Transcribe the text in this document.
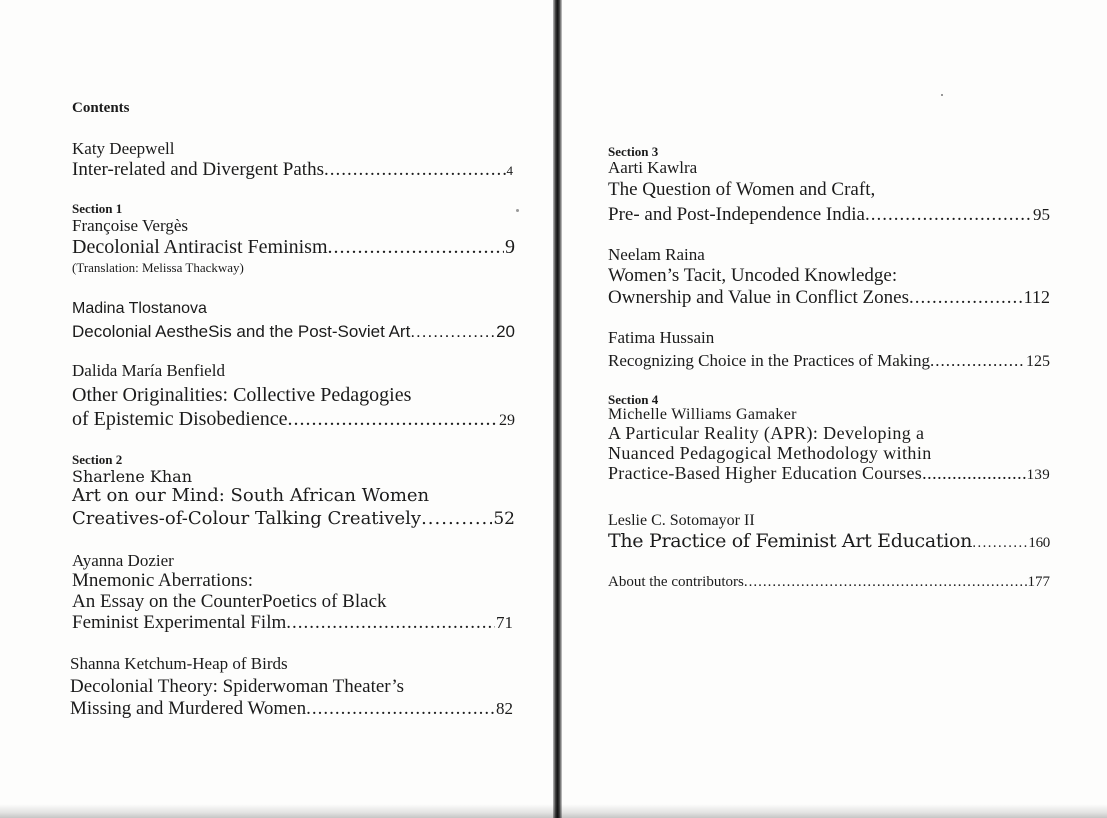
Contents
Katy Deepwell
Inter-related and Divergent Paths .....	4
Section 1
Françoise Vergès
Decolonial Antiracist Feminism .....	9
(Translation: Melissa Thackway)
Madina Tlostanova
Decolonial AestheSis and the Post-Soviet Art .....	20
Dalida María Benfield
Other Originalities: Collective Pedagogies
of Epistemic Disobedience .....	29
Section 2
Sharlene Khan
Art on our Mind: South African Women
Creatives-of-Colour Talking Creatively .....	52
Ayanna Dozier
Mnemonic Aberrations:
An Essay on the CounterPoetics of Black
Feminist Experimental Film .....	71
Shanna Ketchum-Heap of Birds
Decolonial Theory: Spiderwoman Theater’s
Missing and Murdered Women .....	82
Section 3
Aarti Kawlra
The Question of Women and Craft,
Pre- and Post-Independence India .....	95
Neelam Raina
Women’s Tacit, Uncoded Knowledge:
Ownership and Value in Conflict Zones .....	112
Fatima Hussain
Recognizing Choice in the Practices of Making .....	125
Section 4
Michelle Williams Gamaker
A Particular Reality (APR): Developing a
Nuanced Pedagogical Methodology within
Practice-Based Higher Education Courses .....	139
Leslie C. Sotomayor II
The Practice of Feminist Art Education .....	160
About the contributors .....	177
